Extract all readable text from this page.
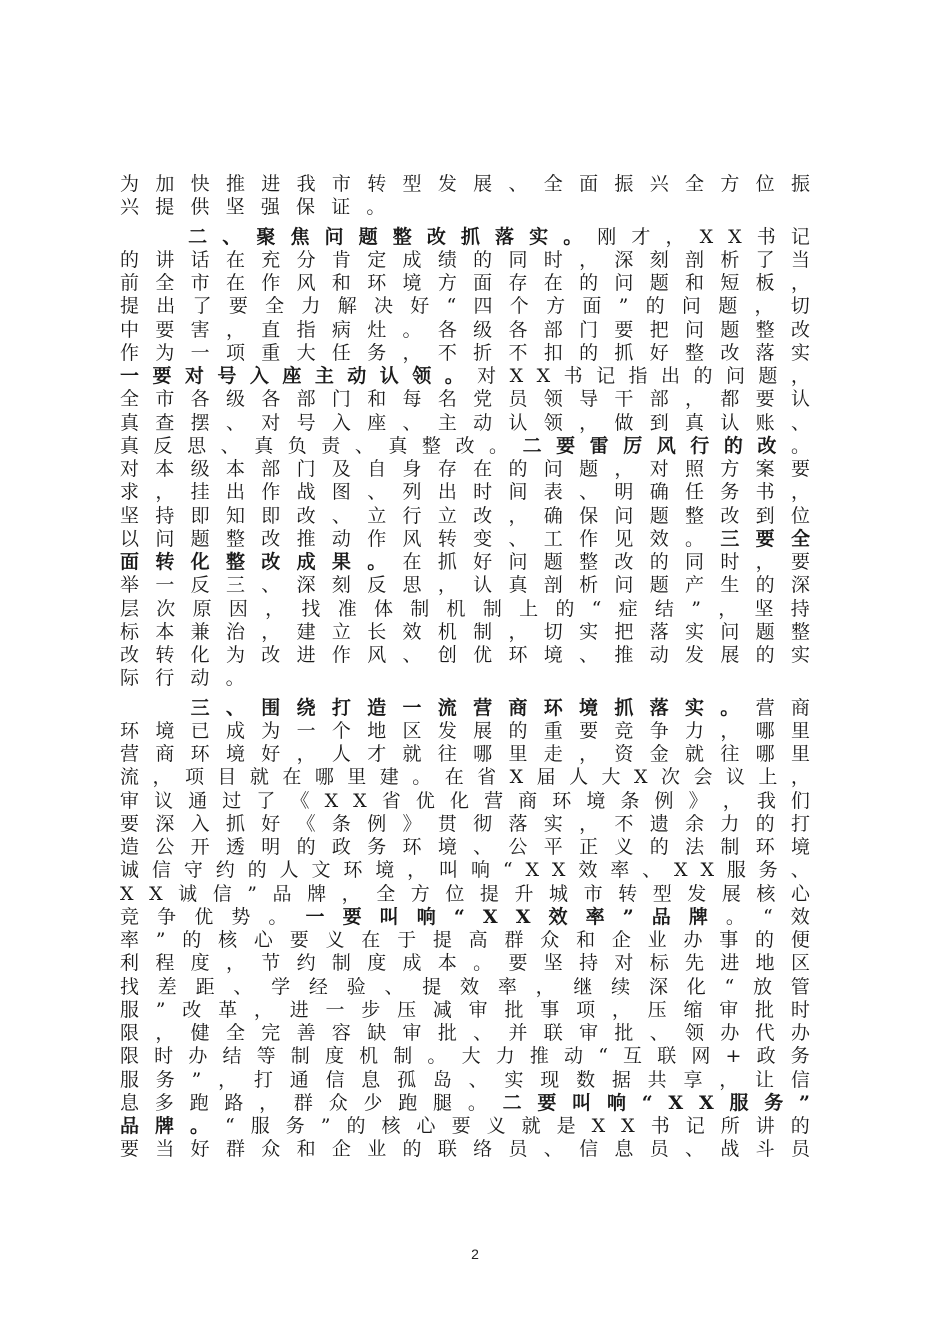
为 加 快 推 进 我 市 转 型 发 展 、 全 面 振 兴 全 方 位 振
兴 提 供 坚 强 保 证 。

二 、 聚 焦 问 题 整 改 抓 落 实 。 刚 才 ， X X 书 记
的 讲 话 在 充 分 肯 定 成 绩 的 同 时 ， 深 刻 剖 析 了 当
前 全 市 在 作 风 和 环 境 方 面 存 在 的 问 题 和 短 板 ，
提 出 了 要 全 力 解 决 好 “ 四 个 方 面 ” 的 问 题 ， 切
中 要 害 ， 直 指 病 灶 。 各 级 各 部 门 要 把 问 题 整 改
作 为 一 项 重 大 任 务 ， 不 折 不 扣 的 抓 好 整 改 落 实
一 要 对 号 入 座 主 动 认 领 。 对 X X 书 记 指 出 的 问 题 ，
全 市 各 级 各 部 门 和 每 名 党 员 领 导 干 部 ， 都 要 认
真 查 摆 、 对 号 入 座 、 主 动 认 领 ， 做 到 真 认 账 、
真 反 思 、 真 负 责 、 真 整 改 。 二 要 雷 厉 风 行 的 改 。
对 本 级 本 部 门 及 自 身 存 在 的 问 题 ， 对 照 方 案 要
求 ， 挂 出 作 战 图 、 列 出 时 间 表 、 明 确 任 务 书 ，
坚 持 即 知 即 改 、 立 行 立 改 ， 确 保 问 题 整 改 到 位
以 问 题 整 改 推 动 作 风 转 变 、 工 作 见 效 。 三 要 全
面 转 化 整 改 成 果 。 在 抓 好 问 题 整 改 的 同 时 ， 要
举 一 反 三 、 深 刻 反 思 ， 认 真 剖 析 问 题 产 生 的 深
层 次 原 因 ， 找 准 体 制 机 制 上 的 “ 症 结 ” ， 坚 持
标 本 兼 治 ， 建 立 长 效 机 制 ， 切 实 把 落 实 问 题 整
改 转 化 为 改 进 作 风 、 创 优 环 境 、 推 动 发 展 的 实
际 行 动 。

三 、 围 绕 打 造 一 流 营 商 环 境 抓 落 实 。 营 商
环 境 已 成 为 一 个 地 区 发 展 的 重 要 竞 争 力 ， 哪 里
营 商 环 境 好 ， 人 才 就 往 哪 里 走 ， 资 金 就 往 哪 里
流 ， 项 目 就 在 哪 里 建 。 在 省 X 届 人 大 X 次 会 议 上 ，
审 议 通 过 了 《 X X 省 优 化 营 商 环 境 条 例 》 ， 我 们
要 深 入 抓 好 《 条 例 》 贯 彻 落 实 ， 不 遗 余 力 的 打
造 公 开 透 明 的 政 务 环 境 、 公 平 正 义 的 法 制 环 境
诚 信 守 约 的 人 文 环 境 ， 叫 响 “ X X 效 率 、 X X 服 务 、
X X 诚 信 ” 品 牌 ， 全 方 位 提 升 城 市 转 型 发 展 核 心
竞 争 优 势 。 一 要 叫 响 “ X X 效 率 ” 品 牌 。 “ 效
率 ” 的 核 心 要 义 在 于 提 高 群 众 和 企 业 办 事 的 便
利 程 度 ， 节 约 制 度 成 本 。 要 坚 持 对 标 先 进 地 区
找 差 距 、 学 经 验 、 提 效 率 ， 继 续 深 化 “ 放 管
服 ” 改 革 ， 进 一 步 压 减 审 批 事 项 ， 压 缩 审 批 时
限 ， 健 全 完 善 容 缺 审 批 、 并 联 审 批 、 领 办 代 办
限 时 办 结 等 制 度 机 制 。 大 力 推 动 “ 互 联 网 + 政 务
服 务 ” ， 打 通 信 息 孤 岛 、 实 现 数 据 共 享 ， 让 信
息 多 跑 路 ， 群 众 少 跑 腿 。 二 要 叫 响 “ X X 服 务 ”
品 牌 。 “ 服 务 ” 的 核 心 要 义 就 是 X X 书 记 所 讲 的
要 当 好 群 众 和 企 业 的 联 络 员 、 信 息 员 、 战 斗 员
2
